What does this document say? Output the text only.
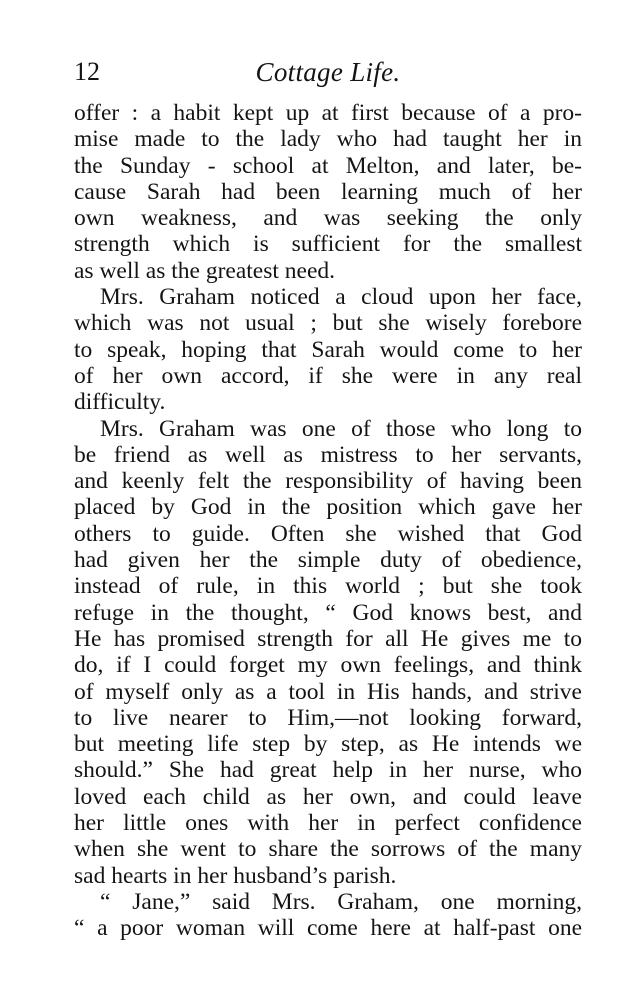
12	Cottage Life.
offer : a habit kept up at first because of a pro-
mise made to the lady who had taught her in
the Sunday - school at Melton, and later, be-
cause Sarah had been learning much of her
own weakness, and was seeking the only
strength which is sufficient for the smallest
as well as the greatest need.
Mrs. Graham noticed a cloud upon her face,
which was not usual ; but she wisely forebore
to speak, hoping that Sarah would come to her
of her own accord, if she were in any real
difficulty.
Mrs. Graham was one of those who long to
be friend as well as mistress to her servants,
and keenly felt the responsibility of having been
placed by God in the position which gave her
others to guide. Often she wished that God
had given her the simple duty of obedience,
instead of rule, in this world ; but she took
refuge in the thought, “ God knows best, and
He has promised strength for all He gives me to
do, if I could forget my own feelings, and think
of myself only as a tool in His hands, and strive
to live nearer to Him,—not looking forward,
but meeting life step by step, as He intends we
should.” She had great help in her nurse, who
loved each child as her own, and could leave
her little ones with her in perfect confidence
when she went to share the sorrows of the many
sad hearts in her husband’s parish.
“ Jane,” said Mrs. Graham, one morning,
“ a poor woman will come here at half-past one
